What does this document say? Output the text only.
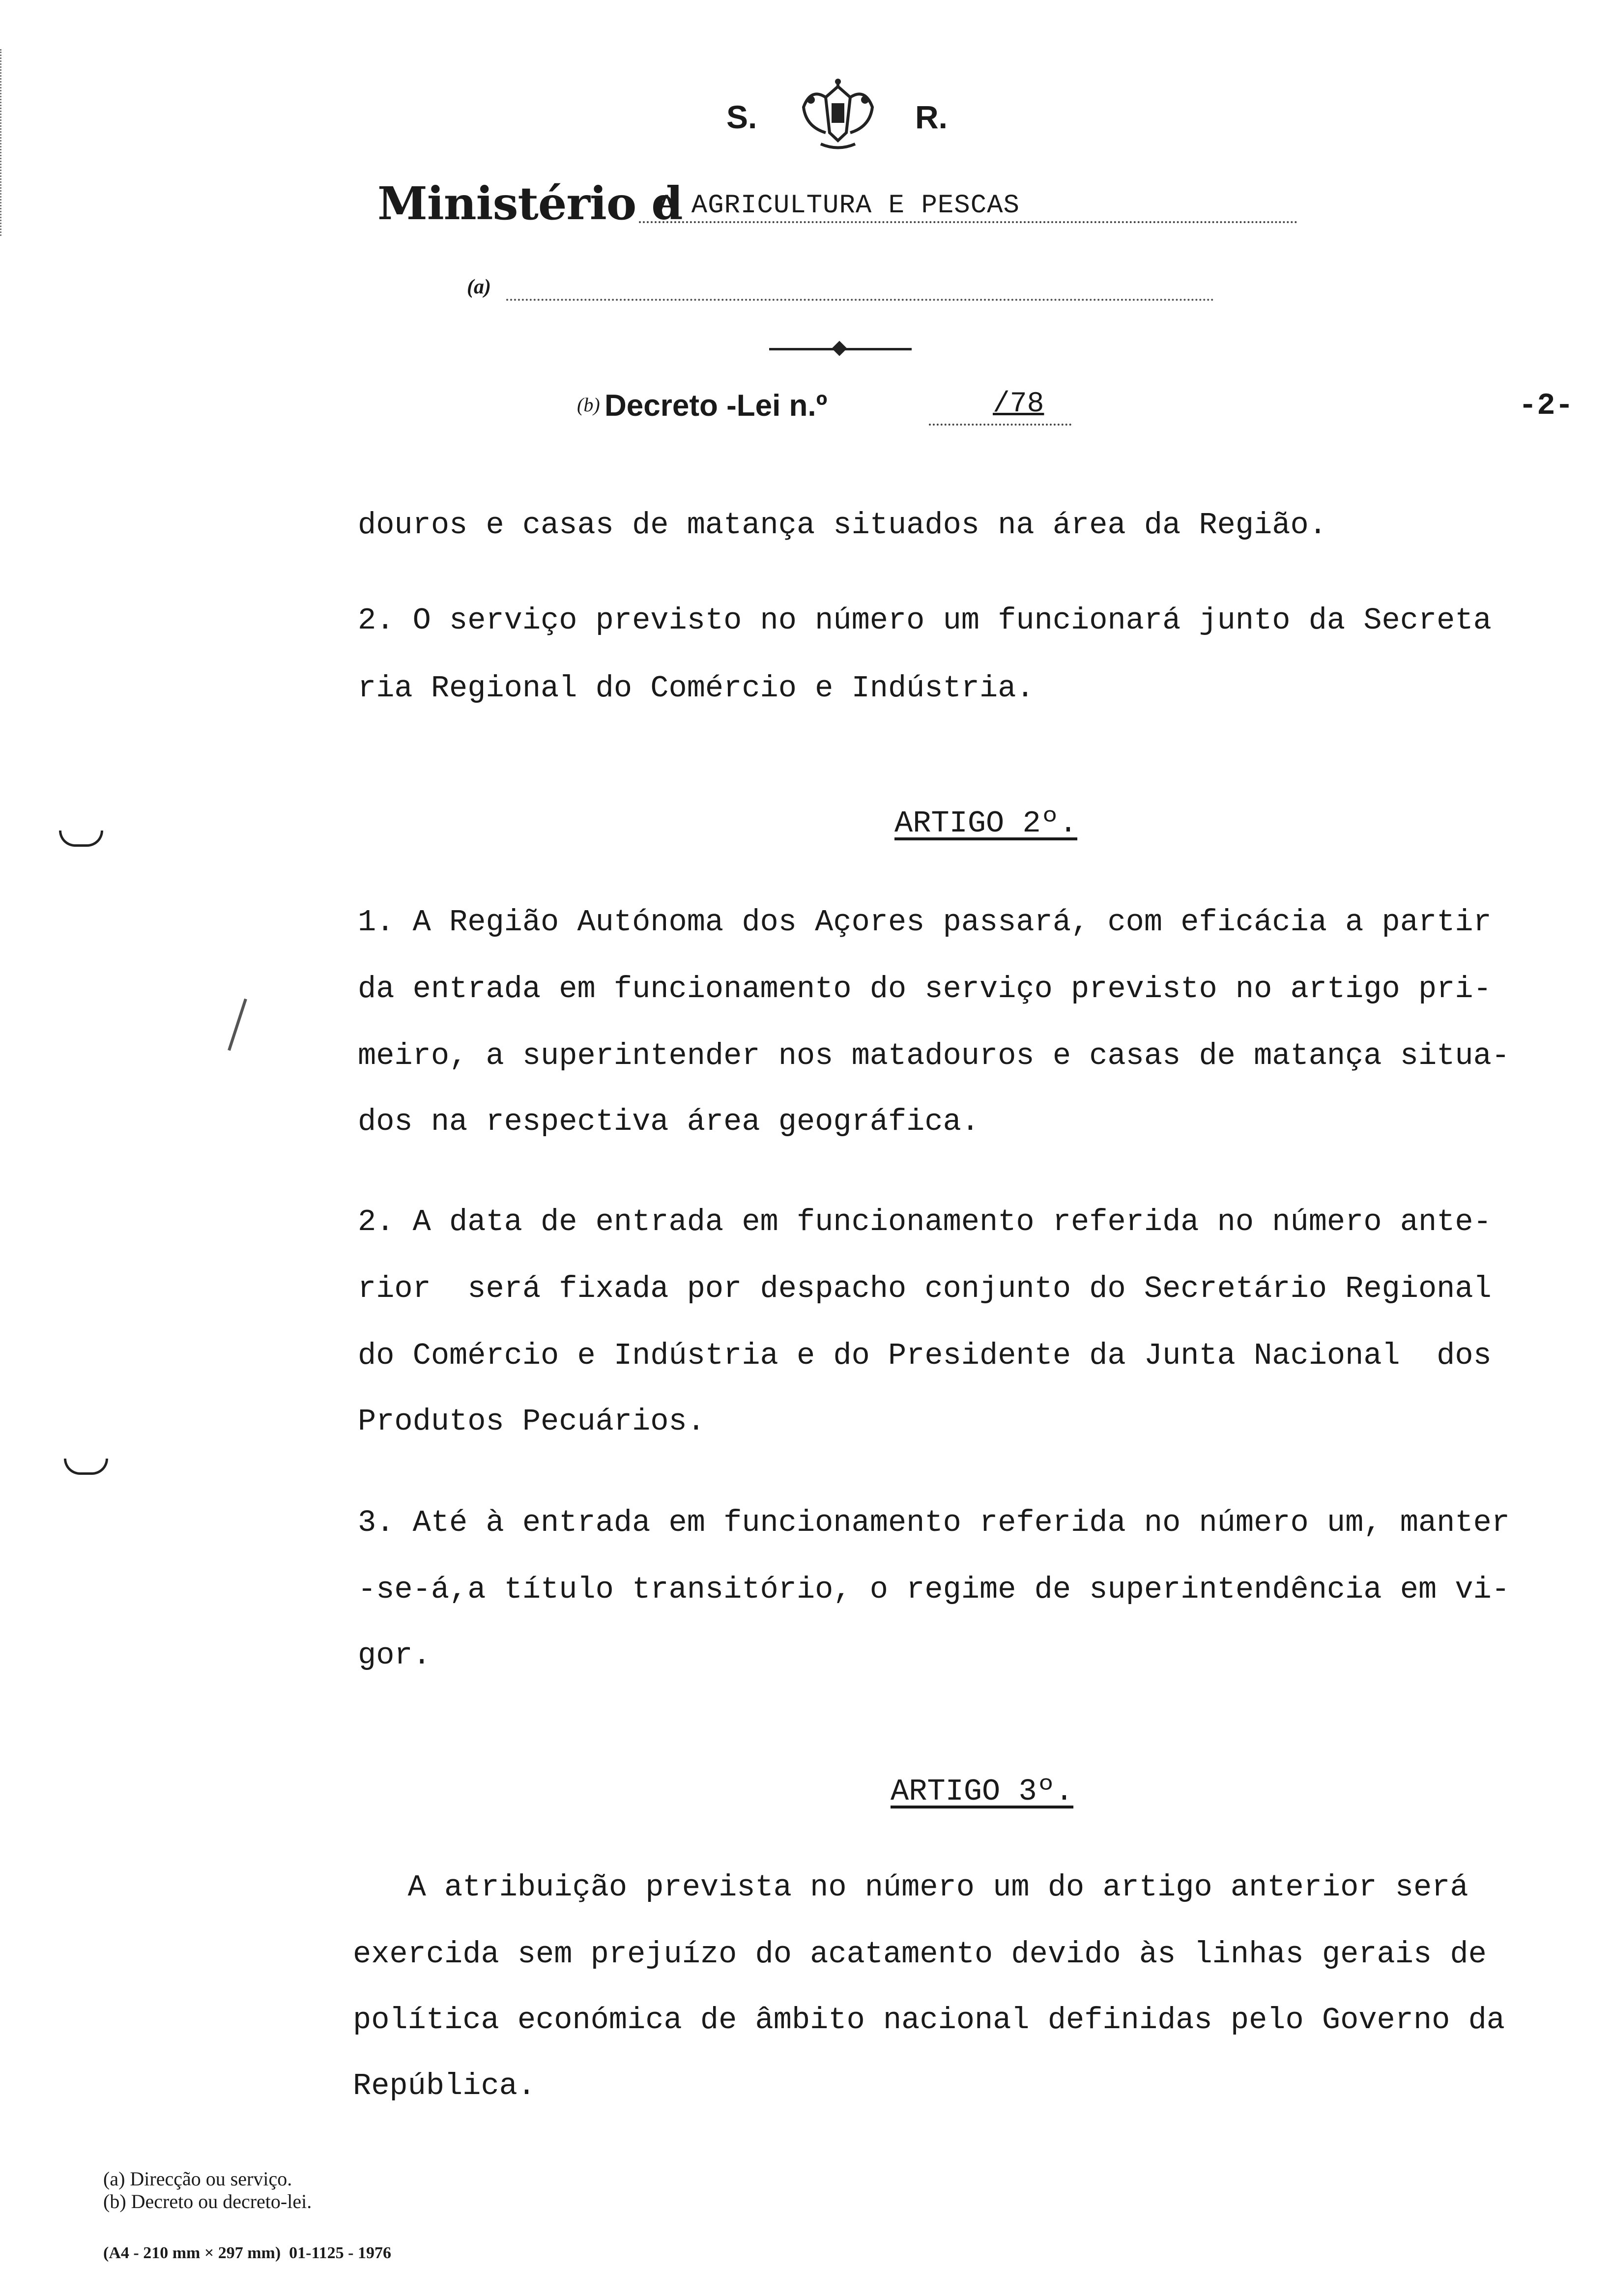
S.	R.
Ministério d
A AGRICULTURA E PESCAS
(a)
(b) Decreto -Lei n.º	/78	-2-
douros e casas de matança situados na área da Região.
2. O serviço previsto no número um funcionará junto da Secreta
ria Regional do Comércio e Indústria.
ARTIGO 2º.
1. A Região Autónoma dos Açores passará, com eficácia a partir
da entrada em funcionamento do serviço previsto no artigo pri-
meiro, a superintender nos matadouros e casas de matança situa-
dos na respectiva área geográfica.
2. A data de entrada em funcionamento referida no número ante-
rior  será fixada por despacho conjunto do Secretário Regional
do Comércio e Indústria e do Presidente da Junta Nacional  dos
Produtos Pecuários.
3. Até à entrada em funcionamento referida no número um, manter
-se-á,a título transitório, o regime de superintendência em vi-
gor.
ARTIGO 3º.
A atribuição prevista no número um do artigo anterior será
exercida sem prejuízo do acatamento devido às linhas gerais de
política económica de âmbito nacional definidas pelo Governo da
República.
(a) Direcção ou serviço.
(b) Decreto ou decreto-lei.
(A4 - 210 mm × 297 mm)  01-1125 - 1976
